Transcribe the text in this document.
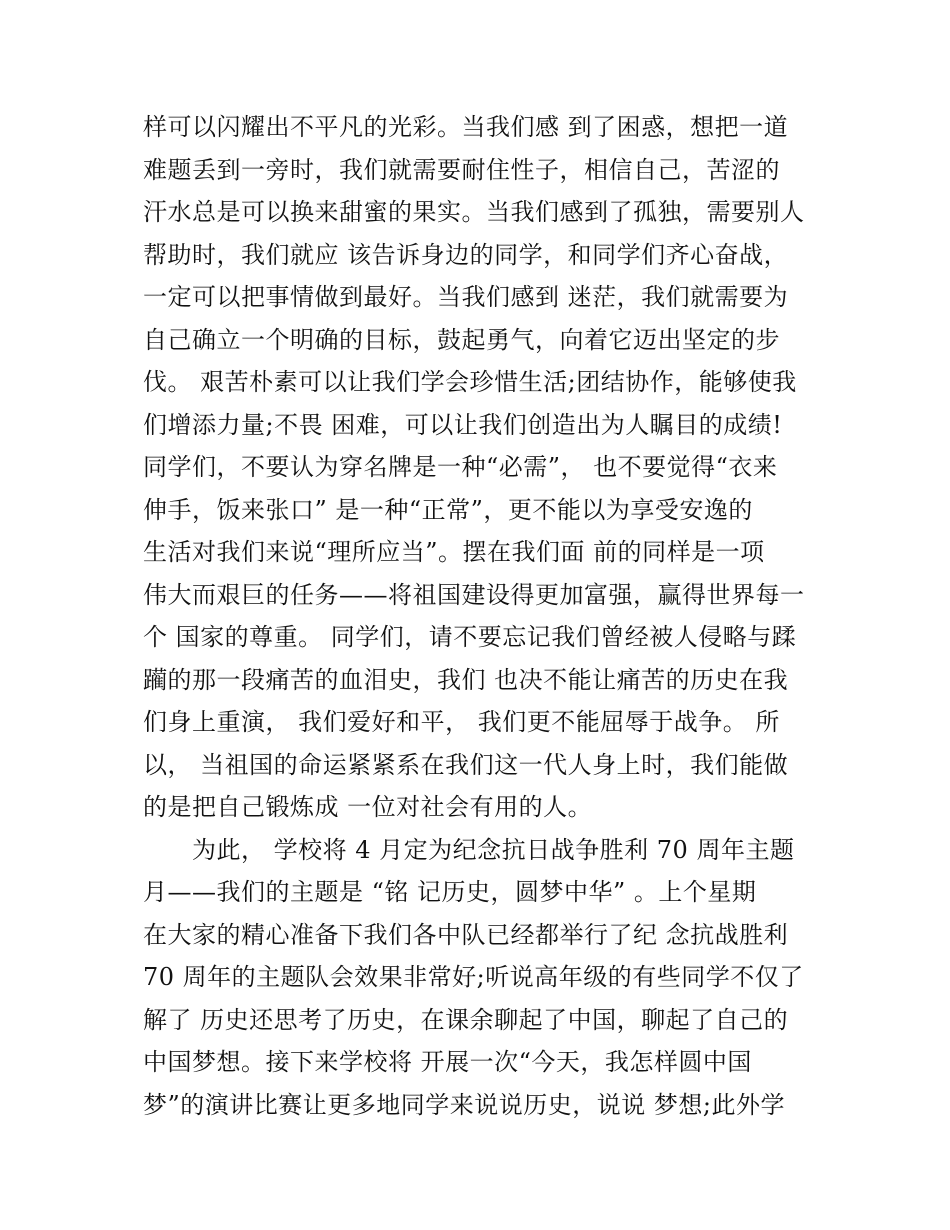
样可以闪耀出不平凡的光彩。当我们感 到了困惑，想把一道
难题丢到一旁时，我们就需要耐住性子，相信自己，苦涩的
汗水总是可以换来甜蜜的果实。当我们感到了孤独，需要别人
帮助时，我们就应 该告诉身边的同学，和同学们齐心奋战，
一定可以把事情做到最好。当我们感到 迷茫，我们就需要为
自己确立一个明确的目标，鼓起勇气，向着它迈出坚定的步
伐。 艰苦朴素可以让我们学会珍惜生活;团结协作，能够使我
们增添力量;不畏 困难，可以让我们创造出为人瞩目的成绩!
同学们，不要认为穿名牌是一种“必需”， 也不要觉得“衣来
伸手，饭来张口” 是一种“正常”，更不能以为享受安逸的
生活对我们来说“理所应当”。摆在我们面 前的同样是一项
伟大而艰巨的任务——将祖国建设得更加富强，赢得世界每一
个 国家的尊重。 同学们，请不要忘记我们曾经被人侵略与蹂
躏的那一段痛苦的血泪史，我们 也决不能让痛苦的历史在我
们身上重演， 我们爱好和平， 我们更不能屈辱于战争。 所
以， 当祖国的命运紧紧系在我们这一代人身上时，我们能做
的是把自己锻炼成 一位对社会有用的人。
　　为此， 学校将 4 月定为纪念抗日战争胜利 70 周年主题
月——我们的主题是 “铭 记历史，圆梦中华” 。上个星期
在大家的精心准备下我们各中队已经都举行了纪 念抗战胜利
70 周年的主题队会效果非常好;听说高年级的有些同学不仅了
解了 历史还思考了历史，在课余聊起了中国，聊起了自己的
中国梦想。接下来学校将 开展一次“今天，我怎样圆中国
梦”的演讲比赛让更多地同学来说说历史，说说 梦想;此外学
